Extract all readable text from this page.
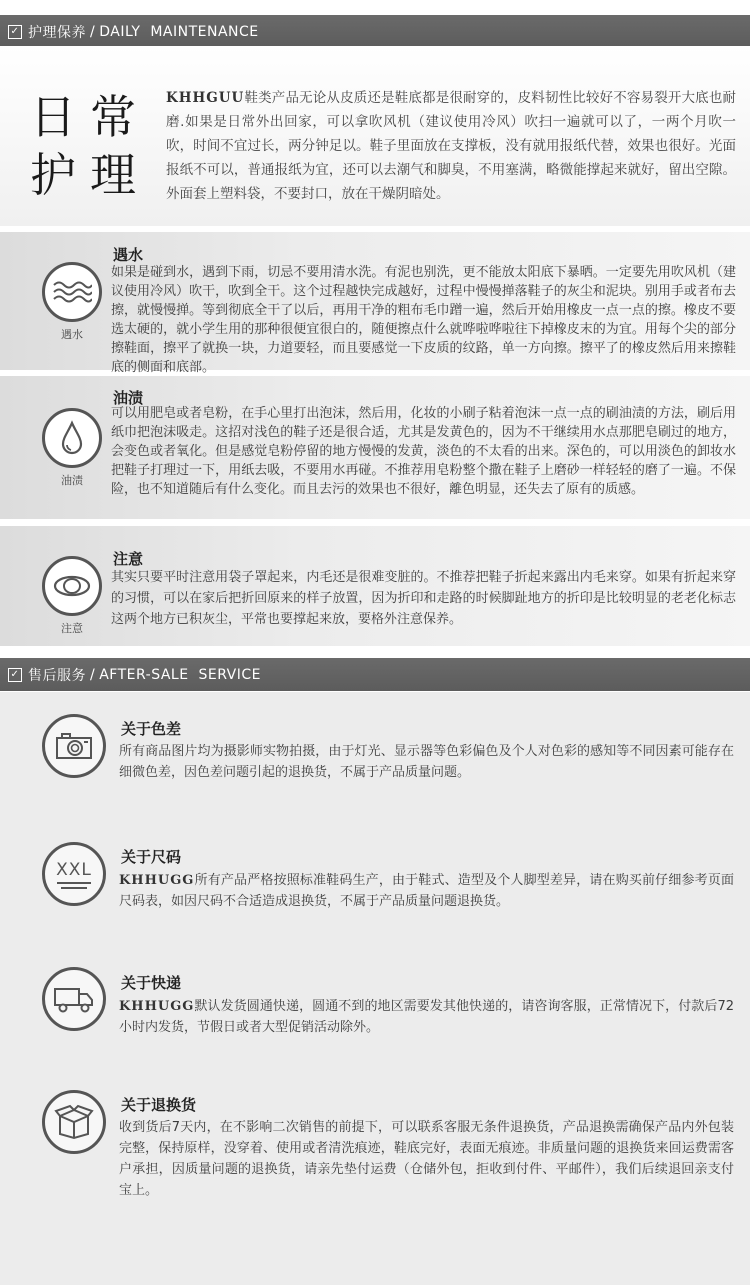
✓ 护理保养 / DAILY  MAINTENANCE
日常
护理
KHHGUU鞋类产品无论从皮质还是鞋底都是很耐穿的，皮料韧性比较好不容易裂开大底也耐磨.如果是日常外出回家，可以拿吹风机（建议使用冷风）吹扫一遍就可以了，一两个月吹一吹，时间不宜过长，两分钟足以。鞋子里面放在支撑板，没有就用报纸代替，效果也很好。光面报纸不可以，普通报纸为宜，还可以去潮气和脚臭，不用塞满，略微能撑起来就好，留出空隙。外面套上塑料袋，不要封口，放在干燥阴暗处。
遇水
遇水
如果是碰到水，遇到下雨，切忌不要用清水洗。有泥也别洗，更不能放太阳底下暴晒。一定要先用吹风机（建议使用冷风）吹干，吹到全干。这个过程越快完成越好，过程中慢慢掸落鞋子的灰尘和泥块。别用手或者布去擦，就慢慢掸。等到彻底全干了以后，再用干净的粗布毛巾蹭一遍，然后开始用橡皮一点一点的擦。橡皮不要选太硬的，就小学生用的那种很便宜很白的，随便擦点什么就哗啦哗啦往下掉橡皮末的为宜。用每个尖的部分擦鞋面，擦平了就换一块，力道要轻，而且要感觉一下皮质的纹路，单一方向擦。擦平了的橡皮然后用来擦鞋底的侧面和底部。
油渍
油渍
可以用肥皂或者皂粉，在手心里打出泡沫，然后用，化妆的小刷子粘着泡沫一点一点的刷油渍的方法，刷后用纸巾把泡沫吸走。这招对浅色的鞋子还是很合适，尤其是发黄色的，因为不干继续用水点那肥皂刷过的地方，会变色或者氧化。但是感觉皂粉停留的地方慢慢的发黄，淡色的不太看的出来。深色的，可以用淡色的卸妆水把鞋子打理过一下，用纸去吸，不要用水再碰。不推荐用皂粉整个撒在鞋子上磨砂一样轻轻的磨了一遍。不保险，也不知道随后有什么变化。而且去污的效果也不很好，離色明显，还失去了原有的质感。
注意
注意
其实只要平时注意用袋子罩起来，内毛还是很难变脏的。不推荐把鞋子折起来露出内毛来穿。如果有折起来穿的习惯，可以在家后把折回原来的样子放置，因为折印和走路的时候脚趾地方的折印是比较明显的老老化标志这两个地方已积灰尘，平常也要撑起来放，要格外注意保养。
✓ 售后服务 / AFTER-SALE  SERVICE
关于色差
所有商品图片均为摄影师实物拍摄，由于灯光、显示器等色彩偏色及个人对色彩的感知等不同因素可能存在细微色差，因色差问题引起的退换货，不属于产品质量问题。
XXL
关于尺码
KHHUGG所有产品严格按照标准鞋码生产，由于鞋式、造型及个人脚型差异，请在购买前仔细参考页面尺码表，如因尺码不合适造成退换货，不属于产品质量问题退换货。
关于快递
KHHUGG默认发货圆通快递，圆通不到的地区需要发其他快递的，请咨询客服，正常情况下，付款后72小时内发货，节假日或者大型促销活动除外。
关于退换货
收到货后7天内，在不影响二次销售的前提下，可以联系客服无条件退换货，产品退换需确保产品内外包装完整，保持原样，没穿着、使用或者清洗痕迹，鞋底完好，表面无痕迹。非质量问题的退换货来回运费需客户承担，因质量问题的退换货，请亲先垫付运费（仓储外包，拒收到付件、平邮件），我们后续退回亲支付宝上。
